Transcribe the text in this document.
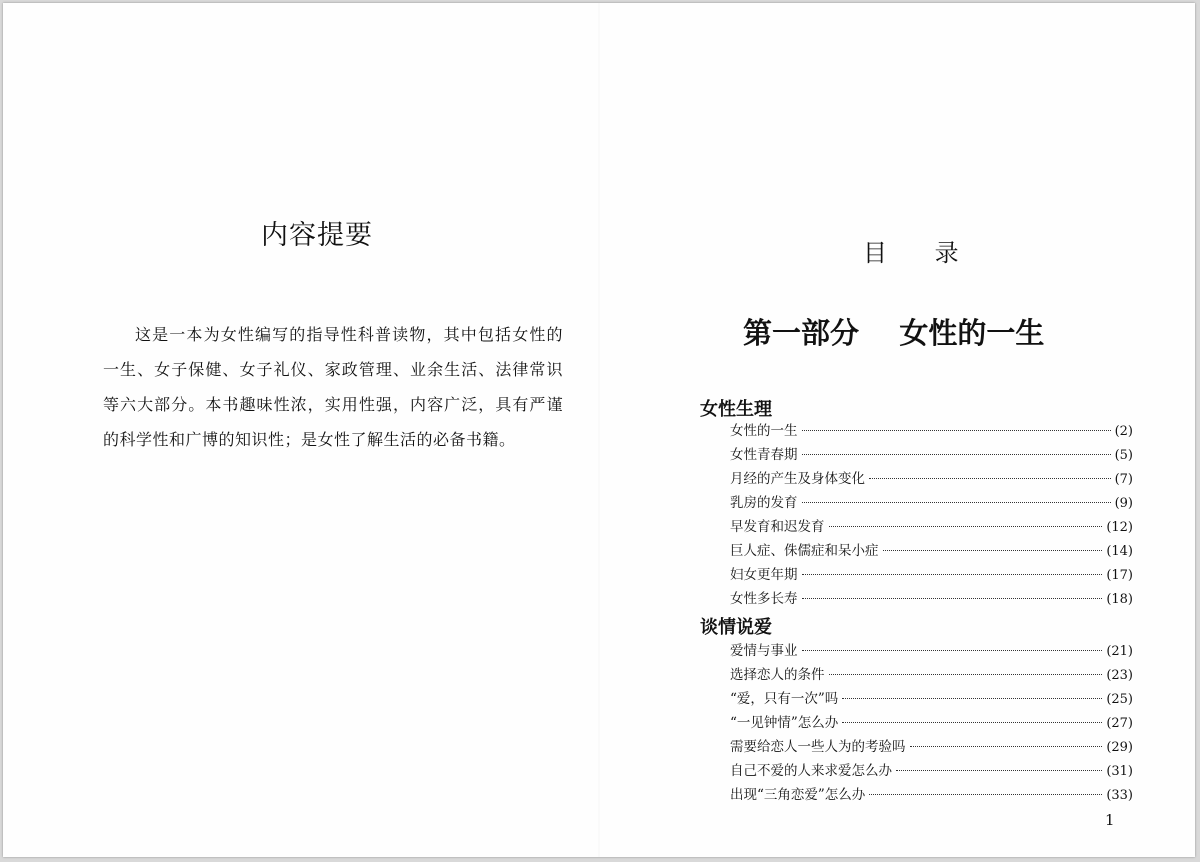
内容提要

这是一本为女性编写的指导性科普读物，其中包括女性的一生、女子保健、女子礼仪、家政管理、业余生活、法律常识等六大部分。本书趣味性浓，实用性强，内容广泛，具有严谨的科学性和广博的知识性；是女性了解生活的必备书籍。

目 录
第一部分    女性的一生
女性生理
女性的一生	(2)
女性青春期	(5)
月经的产生及身体变化	(7)
乳房的发育	(9)
早发育和迟发育	(12)
巨人症、侏儒症和呆小症	(14)
妇女更年期	(17)
女性多长寿	(18)
谈情说爱
爱情与事业	(21)
选择恋人的条件	(23)
“爱，只有一次”吗	(25)
“一见钟情”怎么办	(27)
需要给恋人一些人为的考验吗	(29)
自己不爱的人来求爱怎么办	(31)
出现“三角恋爱”怎么办	(33)
1
